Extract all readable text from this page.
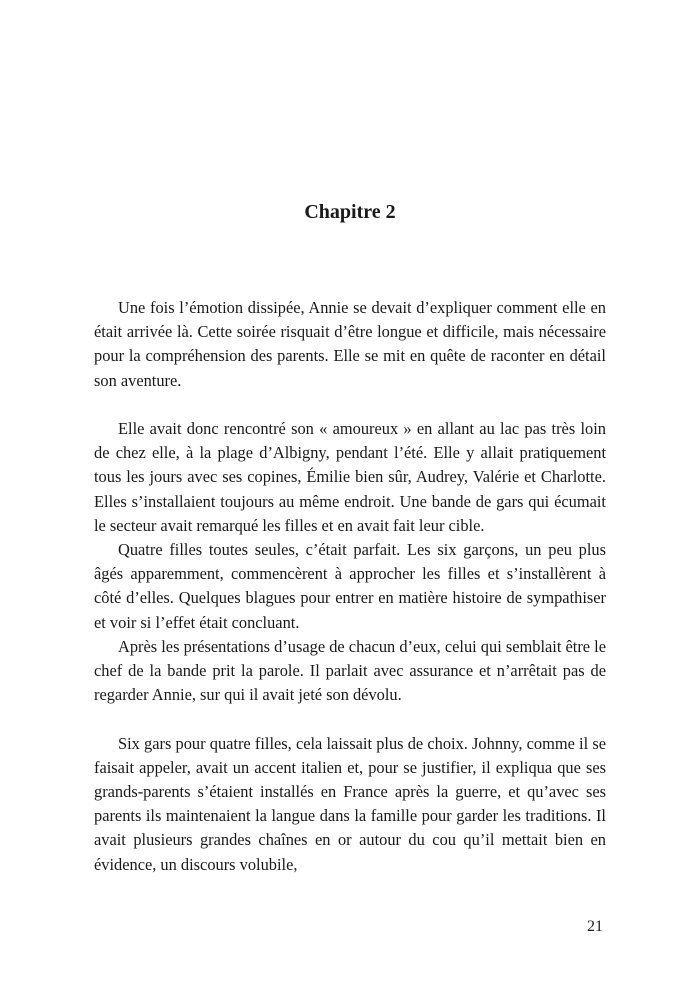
Chapitre 2

Une fois l’émotion dissipée, Annie se devait d’expliquer comment elle en était arrivée là. Cette soirée risquait d’être longue et difficile, mais nécessaire pour la compréhension des parents. Elle se mit en quête de raconter en détail son aventure.

Elle avait donc rencontré son « amoureux » en allant au lac pas très loin de chez elle, à la plage d’Albigny, pendant l’été. Elle y allait pratiquement tous les jours avec ses copines, Émilie bien sûr, Audrey, Valérie et Charlotte. Elles s’installaient toujours au même endroit. Une bande de gars qui écumait le secteur avait remarqué les filles et en avait fait leur cible.

Quatre filles toutes seules, c’était parfait. Les six garçons, un peu plus âgés apparemment, commencèrent à approcher les filles et s’installèrent à côté d’elles. Quelques blagues pour entrer en matière histoire de sympathiser et voir si l’effet était concluant.

Après les présentations d’usage de chacun d’eux, celui qui semblait être le chef de la bande prit la parole. Il parlait avec assurance et n’arrêtait pas de regarder Annie, sur qui il avait jeté son dévolu.

Six gars pour quatre filles, cela laissait plus de choix. Johnny, comme il se faisait appeler, avait un accent italien et, pour se justifier, il expliqua que ses grands-parents s’étaient installés en France après la guerre, et qu’avec ses parents ils maintenaient la langue dans la famille pour garder les traditions. Il avait plusieurs grandes chaînes en or autour du cou qu’il mettait bien en évidence, un discours volubile,

21
